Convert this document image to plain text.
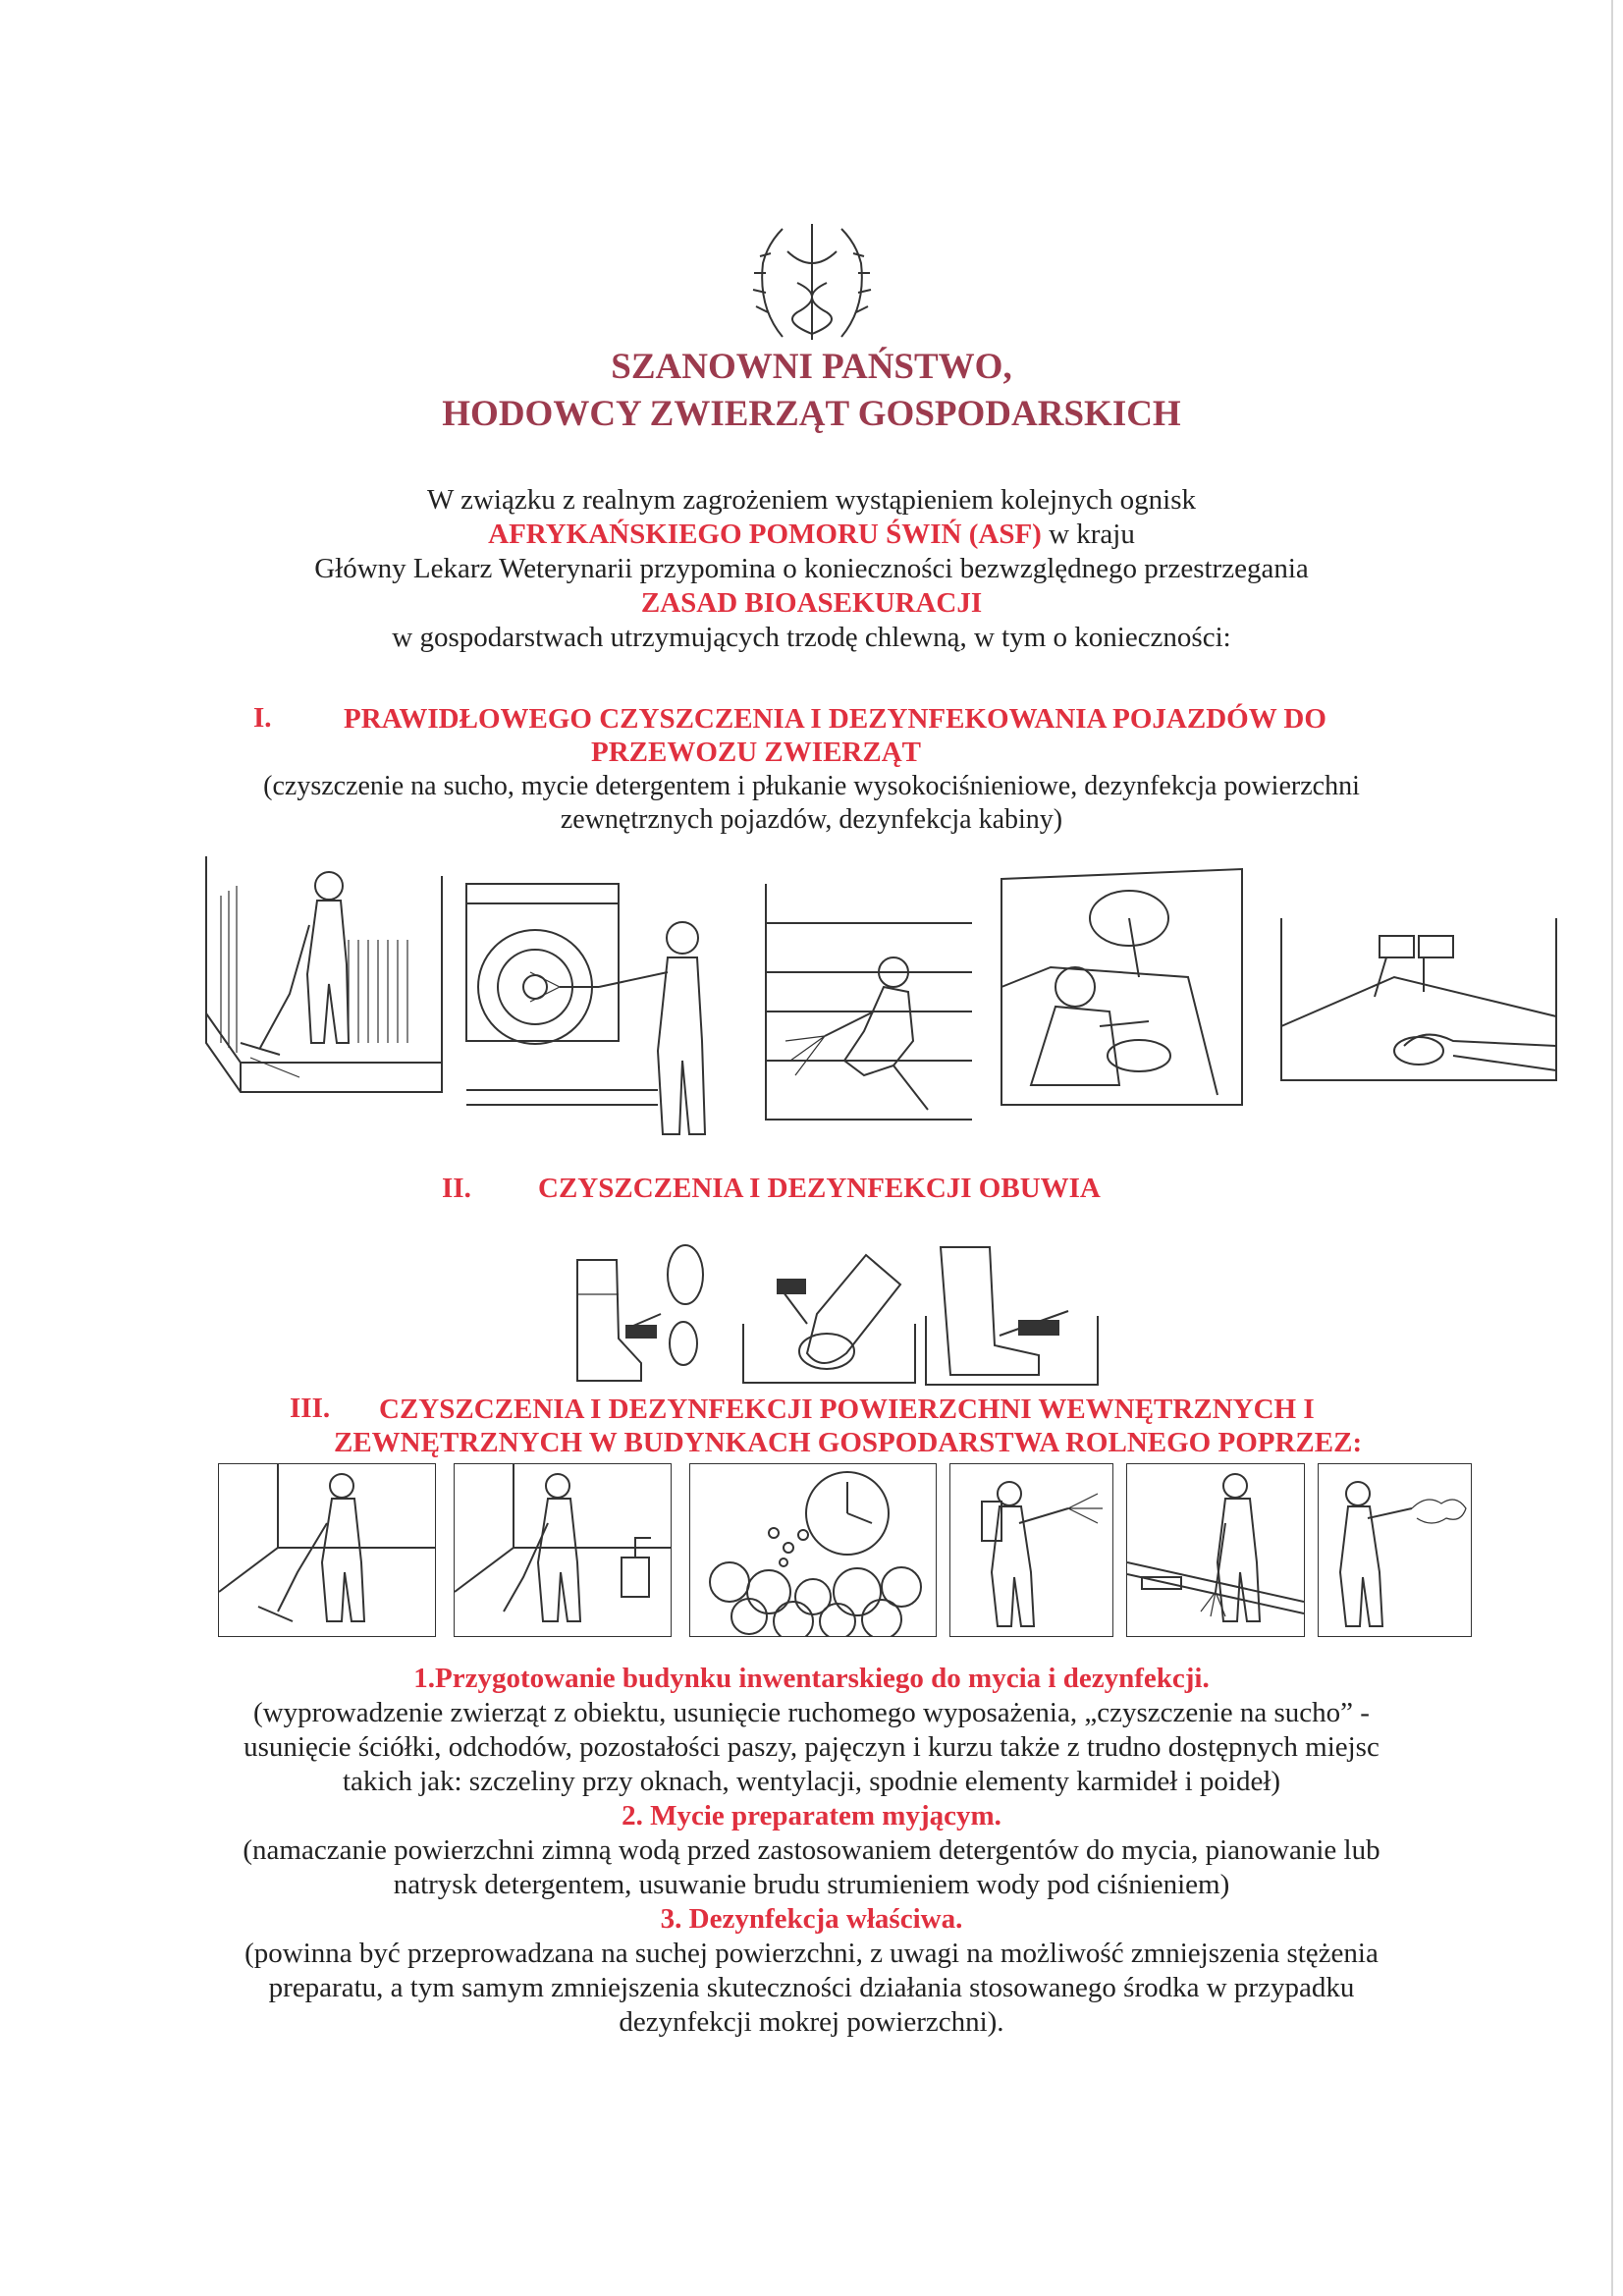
SZANOWNI PAŃSTWO,
HODOWCY ZWIERZĄT GOSPODARSKICH
W związku z realnym zagrożeniem wystąpieniem kolejnych ognisk
AFRYKAŃSKIEGO POMORU ŚWIŃ (ASF) w kraju
Główny Lekarz Weterynarii przypomina o konieczności bezwzględnego przestrzegania
ZASAD BIOASEKURACJI
w gospodarstwach utrzymujących trzodę chlewną, w tym o konieczności:
I.	PRAWIDŁOWEGO CZYSZCZENIA I DEZYNFEKOWANIA POJAZDÓW DO
PRZEWOZU ZWIERZĄT
(czyszczenie na sucho, mycie detergentem i płukanie wysokociśnieniowe, dezynfekcja powierzchni
zewnętrznych pojazdów, dezynfekcja kabiny)
II. CZYSZCZENIA I DEZYNFEKCJI OBUWIA
III.	CZYSZCZENIA I DEZYNFEKCJI POWIERZCHNI WEWNĘTRZNYCH I
ZEWNĘTRZNYCH W BUDYNKACH GOSPODARSTWA ROLNEGO POPRZEZ:
1.Przygotowanie budynku inwentarskiego do mycia i dezynfekcji.
(wyprowadzenie zwierząt z obiektu, usunięcie ruchomego wyposażenia, „czyszczenie na sucho” -
usunięcie ściółki, odchodów, pozostałości paszy, pajęczyn i kurzu także z trudno dostępnych miejsc
takich jak: szczeliny przy oknach, wentylacji, spodnie elementy karmideł i poideł)
2. Mycie preparatem myjącym.
(namaczanie powierzchni zimną wodą przed zastosowaniem detergentów do mycia, pianowanie lub
natrysk detergentem, usuwanie brudu strumieniem wody pod ciśnieniem)
3. Dezynfekcja właściwa.
(powinna być przeprowadzana na suchej powierzchni, z uwagi na możliwość zmniejszenia stężenia
preparatu, a tym samym zmniejszenia skuteczności działania stosowanego środka w przypadku
dezynfekcji mokrej powierzchni).
